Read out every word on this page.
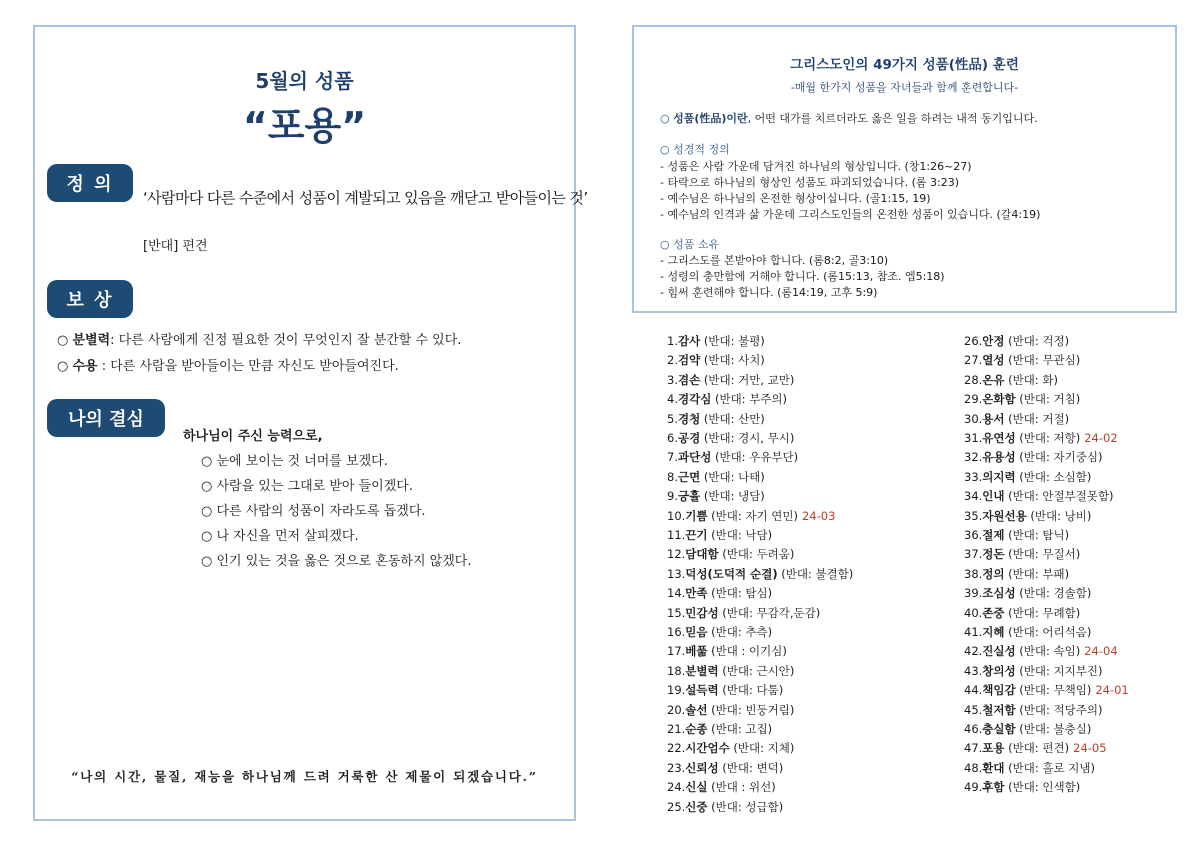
5월의 성품
“포용”
정 의
‘사람마다 다른 수준에서 성품이 계발되고 있음을 깨닫고 받아들이는 것’
[반대] 편견
보 상
○ 분별력: 다른 사람에게 진정 필요한 것이 무엇인지 잘 분간할 수 있다.
○ 수용 : 다른 사람을 받아들이는 만큼 자신도 받아들여진다.
나의 결심
하나님이 주신 능력으로,
○ 눈에 보이는 것 너머를 보겠다.
○ 사람을 있는 그대로 받아 들이겠다.
○ 다른 사람의 성품이 자라도록 돕겠다.
○ 나 자신을 먼저 살피겠다.
○ 인기 있는 것을 옳은 것으로 혼동하지 않겠다.
“나의 시간, 물질, 재능을 하나님께 드려 거룩한 산 제물이 되겠습니다.”
그리스도인의 49가지 성품(性品) 훈련
-매월 한가지 성품을 자녀들과 함께 훈련합니다-
○ 성품(性品)이란, 어떤 대가를 치르더라도 옳은 일을 하려는 내적 동기입니다.
○ 성경적 정의
- 성품은 사람 가운데 담겨진 하나님의 형상입니다. (창1:26~27)
- 타락으로 하나님의 형상인 성품도 파괴되었습니다. (롬 3:23)
- 예수님은 하나님의 온전한 형상이십니다. (골1:15, 19)
- 예수님의 인격과 삶 가운데 그리스도인들의 온전한 성품이 있습니다. (갈4:19)
○ 성품 소유
- 그리스도를 본받아야 합니다. (롬8:2, 골3:10)
- 성령의 충만함에 거해야 합니다. (롬15:13, 참조. 엡5:18)
- 힘써 훈련해야 합니다. (롬14:19, 고후 5:9)
1.감사 (반대: 불평)
2.검약 (반대: 사치)
3.겸손 (반대: 거만, 교만)
4.경각심 (반대: 부주의)
5.경청 (반대: 산만)
6.공경 (반대: 경시, 무시)
7.과단성 (반대: 우유부단)
8.근면 (반대: 나태)
9.긍휼 (반대: 냉담)
10.기쁨 (반대: 자기 연민) 24-03
11.끈기 (반대: 낙담)
12.담대함 (반대: 두려움)
13.덕성(도덕적 순결) (반대: 불결함)
14.만족 (반대: 탐심)
15.민감성 (반대: 무감각,둔감)
16.믿음 (반대: 추측)
17.베풂 (반대 : 이기심)
18.분별력 (반대: 근시안)
19.설득력 (반대: 다툼)
20.솔선 (반대: 빈둥거림)
21.순종 (반대: 고집)
22.시간엄수 (반대: 지체)
23.신뢰성 (반대: 변덕)
24.신실 (반대 : 위선)
25.신중 (반대: 성급함)
26.안정 (반대: 걱정)
27.열성 (반대: 무관심)
28.온유 (반대: 화)
29.온화함 (반대: 거침)
30.용서 (반대: 거절)
31.유연성 (반대: 저항) 24-02
32.유용성 (반대: 자기중심)
33.의지력 (반대: 소심함)
34.인내 (반대: 안절부절못함)
35.자원선용 (반대: 낭비)
36.절제 (반대: 탐닉)
37.정돈 (반대: 무질서)
38.정의 (반대: 부패)
39.조심성 (반대: 경솔함)
40.존중 (반대: 무례함)
41.지혜 (반대: 어리석음)
42.진실성 (반대: 속임) 24-04
43.창의성 (반대: 지지부진)
44.책임감 (반대: 무책임) 24-01
45.철저함 (반대: 적당주의)
46.충실함 (반대: 불충실)
47.포용 (반대: 편견) 24-05
48.환대 (반대: 홀로 지냄)
49.후함 (반대: 인색함)
